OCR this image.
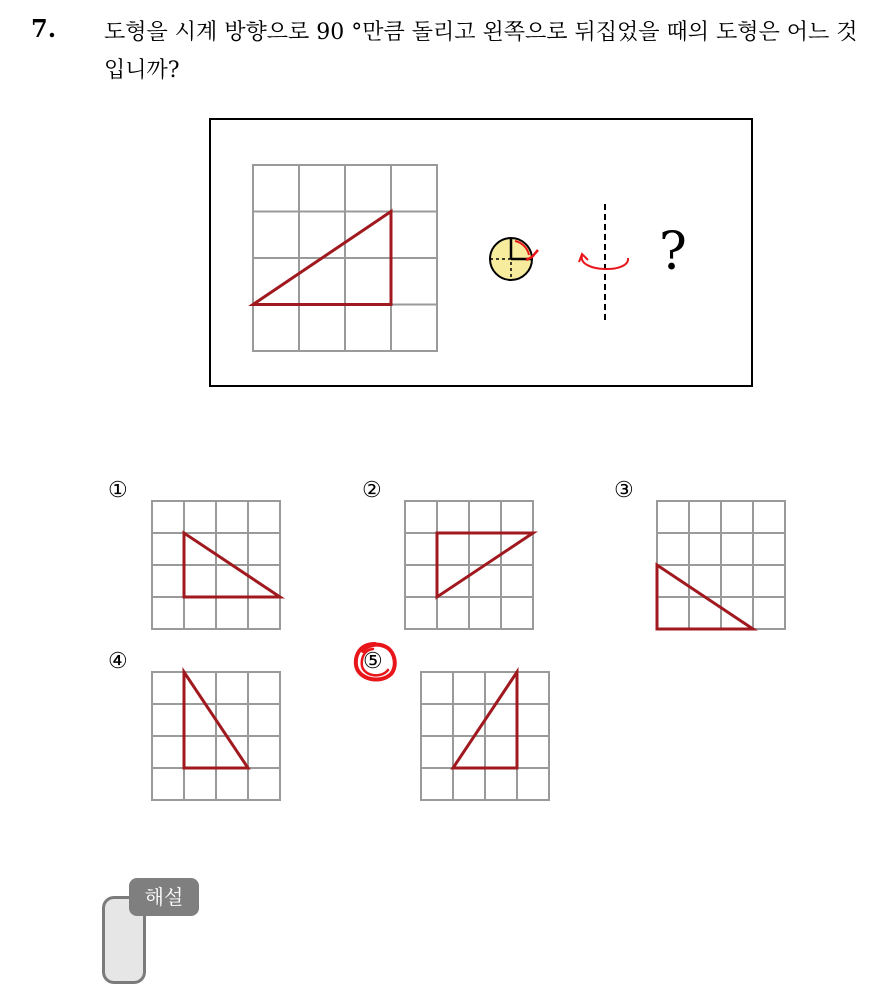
7. 도형을 시계 방향으로 90 °만큼 돌리고 왼쪽으로 뒤집었을 때의 도형은 어느 것입니까?
?
①	②	③
④	⑤
해설
